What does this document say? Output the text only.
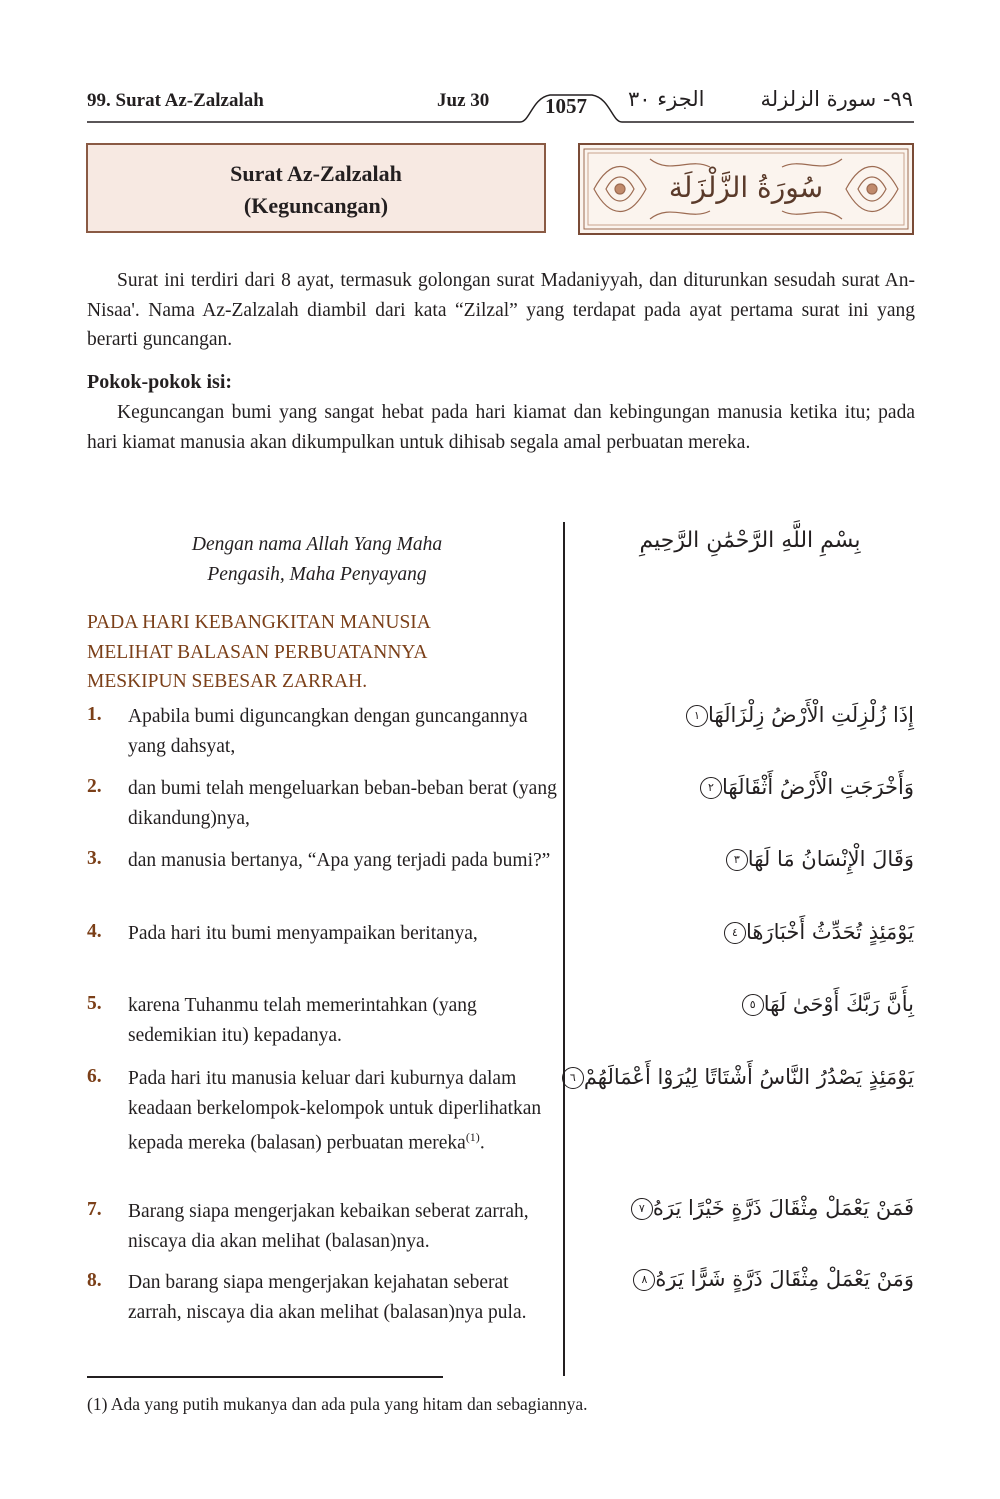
99. Surat Az-Zalzalah	Juz 30	1057	الجزء ٣٠	٩٩- سورة الزلزلة
Surat Az-Zalzalah
(Keguncangan)
سُورَةُ الزَّلْزَلَة
Surat ini terdiri dari 8 ayat, termasuk golongan surat Madaniyyah, dan diturunkan sesudah surat An-Nisaa'. Nama Az-Zalzalah diambil dari kata “Zilzal” yang terdapat pada ayat pertama surat ini yang berarti guncangan.
Pokok-pokok isi:
Keguncangan bumi yang sangat hebat pada hari kiamat dan kebingungan manusia ketika itu; pada hari kiamat manusia akan dikumpulkan untuk dihisab segala amal perbuatan mereka.
Dengan nama Allah Yang Maha
Pengasih, Maha Penyayang
بِسْمِ اللَّهِ الرَّحْمَٰنِ الرَّحِيمِ
PADA HARI KEBANGKITAN MANUSIA
MELIHAT BALASAN PERBUATANNYA
MESKIPUN SEBESAR ZARRAH.
1. Apabila bumi diguncangkan dengan guncangannya yang dahsyat,
إِذَا زُلْزِلَتِ الْأَرْضُ زِلْزَالَهَا١
2. dan bumi telah mengeluarkan beban-beban berat (yang dikandung)nya,
وَأَخْرَجَتِ الْأَرْضُ أَثْقَالَهَا٢
3. dan manusia bertanya, “Apa yang terjadi pada bumi?”	وَقَالَ الْإِنْسَانُ مَا لَهَا٣
4. Pada hari itu bumi menyampaikan beritanya,	يَوْمَئِذٍ تُحَدِّثُ أَخْبَارَهَا٤
5. karena Tuhanmu telah memerintahkan (yang sedemikian itu) kepadanya.
بِأَنَّ رَبَّكَ أَوْحَىٰ لَهَا٥
6. Pada hari itu manusia keluar dari kuburnya dalam keadaan berkelompok-kelompok untuk diperlihatkan kepada mereka (balasan) perbuatan mereka$^{(1)}$.
يَوْمَئِذٍ يَصْدُرُ النَّاسُ أَشْتَاتًا لِيُرَوْا أَعْمَالَهُمْ٦
7. Barang siapa mengerjakan kebaikan seberat zarrah, niscaya dia akan melihat (balasan)nya.
فَمَنْ يَعْمَلْ مِثْقَالَ ذَرَّةٍ خَيْرًا يَرَهُ٧
8. Dan barang siapa mengerjakan kejahatan seberat zarrah, niscaya dia akan melihat (balasan)nya pula.
وَمَنْ يَعْمَلْ مِثْقَالَ ذَرَّةٍ شَرًّا يَرَهُ٨
(1) Ada yang putih mukanya dan ada pula yang hitam dan sebagiannya.
